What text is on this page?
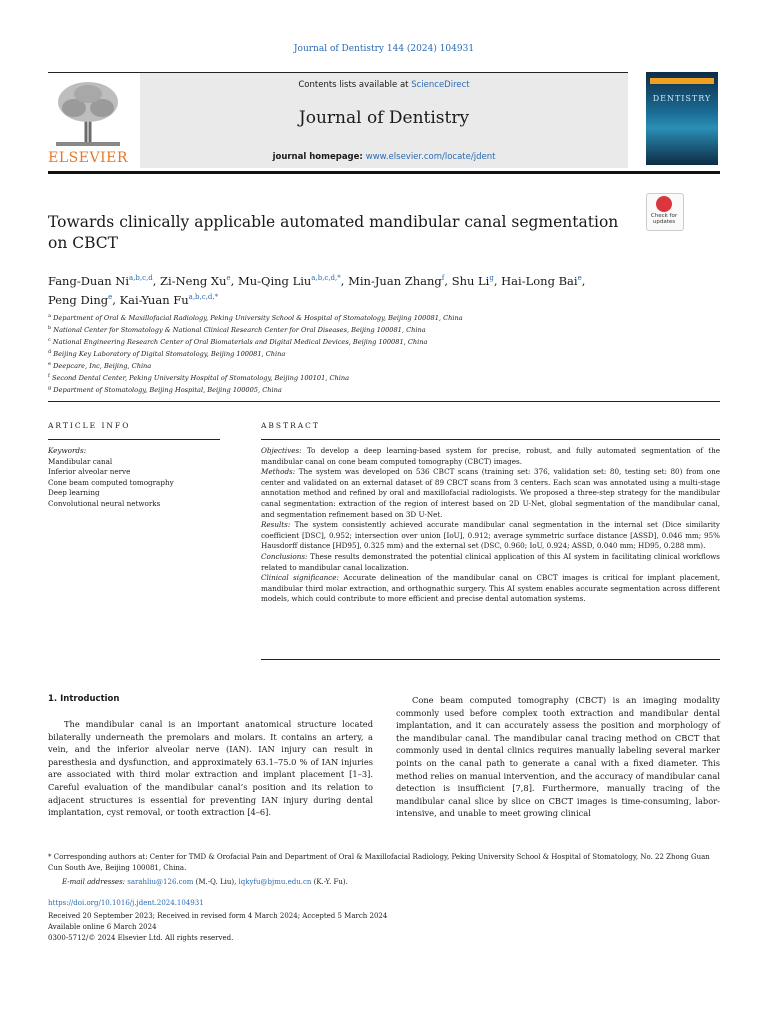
Journal of Dentistry 144 (2024) 104931
Contents lists available at ScienceDirect
Journal of Dentistry
journal homepage: www.elsevier.com/locate/jdent
ELSEVIER
DENTISTRY
Check for updates
Towards clinically applicable automated mandibular canal segmentation on CBCT
Fang-Duan Ni$^{a,b,c,d}$, Zi-Neng Xu$^e$, Mu-Qing Liu$^{a,b,c,d,*}$, Min-Juan Zhang$^f$, Shu Li$^g$, Hai-Long Bai$^e$, Peng Ding$^e$, Kai-Yuan $Fu^{a,b,c,d,*}$
$^a$ Department of Oral & Maxillofacial Radiology, Peking University School & Hospital of Stomatology, Beijing 100081, China
$^b$ National Center for Stomatology & National Clinical Research Center for Oral Diseases, Beijing 100081, China
$^c$ National Engineering Research Center of Oral Biomaterials and Digital Medical Devices, Beijing 100081, China
$^d$ Beijing Key Laboratory of Digital Stomatology, Beijing 100081, China
$^e$ Deepcare, Inc, Beijing, China
$^f$ Second Dental Center, Peking University Hospital of Stomatology, Beijing 100101, China
$^g$ Department of Stomatology, Beijing Hospital, Beijing 100005, China
ARTICLE INFO
Keywords:
Mandibular canal
Inferior alveolar nerve
Cone beam computed tomography
Deep learning
Convolutional neural networks
ABSTRACT
Objectives: To develop a deep learning-based system for precise, robust, and fully automated segmentation of the mandibular canal on cone beam computed tomography (CBCT) images.
Methods: The system was developed on 536 CBCT scans (training set: 376, validation set: 80, testing set: 80) from one center and validated on an external dataset of 89 CBCT scans from 3 centers. Each scan was annotated using a multi-stage annotation method and refined by oral and maxillofacial radiologists. We proposed a three-step strategy for the mandibular canal segmentation: extraction of the region of interest based on 2D U-Net, global segmentation of the mandibular canal, and segmentation refinement based on 3D U-Net.
Results: The system consistently achieved accurate mandibular canal segmentation in the internal set (Dice similarity coefficient [DSC], 0.952; intersection over union [IoU], 0.912; average symmetric surface distance [ASSD], 0.046 mm; 95% Hausdorff distance [HD95], 0.325 mm) and the external set (DSC, 0.960; IoU, 0.924; ASSD, 0.040 mm; HD95, 0.288 mm).
Conclusions: These results demonstrated the potential clinical application of this AI system in facilitating clinical workflows related to mandibular canal localization.
Clinical significance: Accurate delineation of the mandibular canal on CBCT images is critical for implant placement, mandibular third molar extraction, and orthognathic surgery. This AI system enables accurate segmentation across different models, which could contribute to more efficient and precise dental automation systems.
1. Introduction
The mandibular canal is an important anatomical structure located bilaterally underneath the premolars and molars. It contains an artery, a vein, and the inferior alveolar nerve (IAN). IAN injury can result in paresthesia and dysfunction, and approximately 63.1–75.0 % of IAN injuries are associated with third molar extraction and implant placement [1–3]. Careful evaluation of the mandibular canal’s position and its relation to adjacent structures is essential for preventing IAN injury during dental implantation, cyst removal, or tooth extraction [4–6].
Cone beam computed tomography (CBCT) is an imaging modality commonly used before complex tooth extraction and mandibular dental implantation, and it can accurately assess the position and morphology of the mandibular canal. The mandibular canal tracing method on CBCT that commonly used in dental clinics requires manually labeling several marker points on the canal path to generate a canal with a fixed diameter. This method relies on manual intervention, and the accuracy of mandibular canal detection is insufficient [7,8]. Furthermore, manually tracing of the mandibular canal slice by slice on CBCT images is time-consuming, labor-intensive, and unable to meet growing clinical
* Corresponding authors at: Center for TMD & Orofacial Pain and Department of Oral & Maxillofacial Radiology, Peking University School & Hospital of Stomatology, No. 22 Zhong Guan Cun South Ave, Beijing 100081, China.
E-mail addresses: sarahliu@126.com (M.-Q. Liu), lqkyfu@bjmu.edu.cn (K.-Y. Fu).
https://doi.org/10.1016/j.jdent.2024.104931
Received 20 September 2023; Received in revised form 4 March 2024; Accepted 5 March 2024
Available online 6 March 2024
0300-5712/© 2024 Elsevier Ltd. All rights reserved.
